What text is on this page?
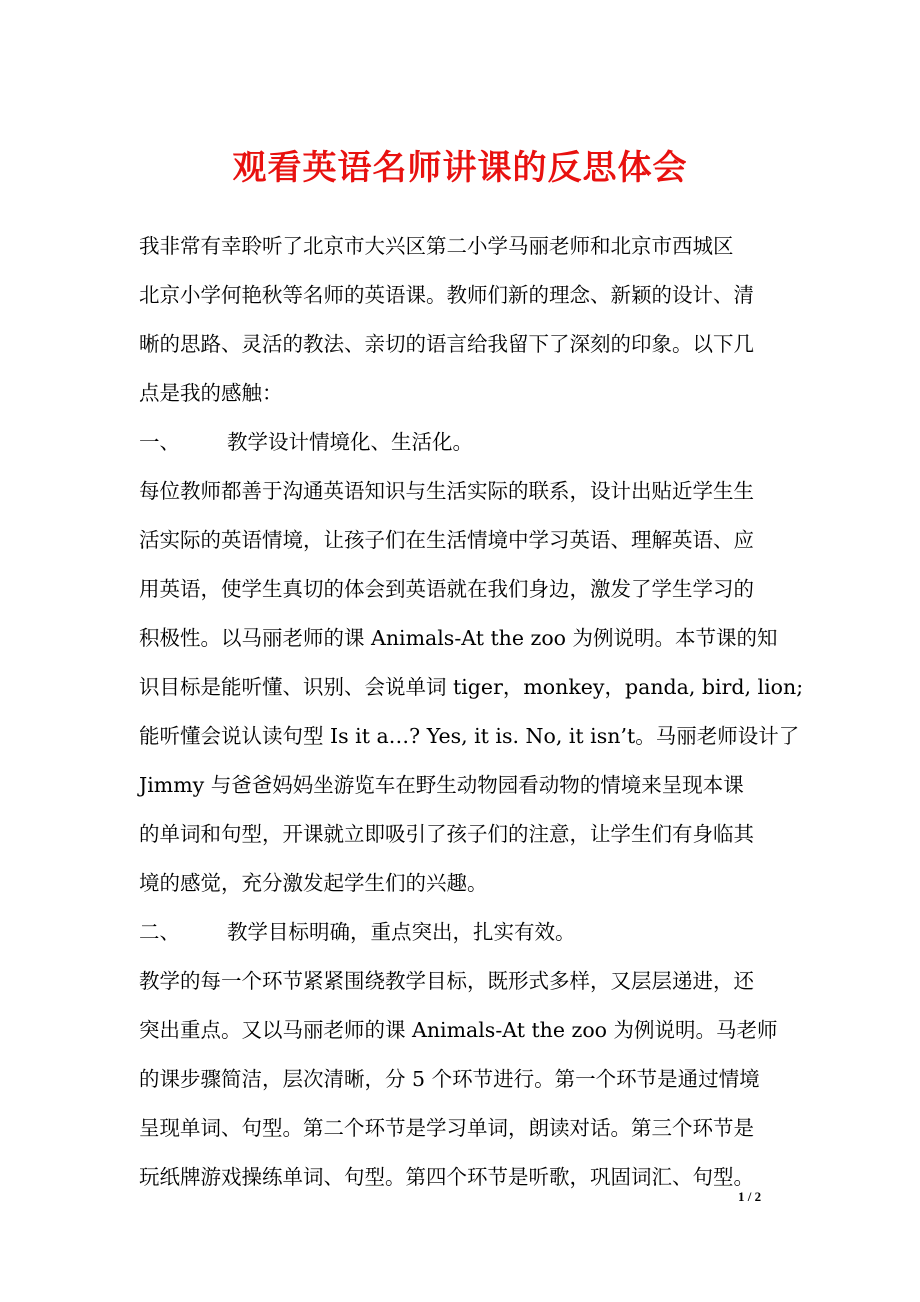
观看英语名师讲课的反思体会
我非常有幸聆听了北京市大兴区第二小学马丽老师和北京市西城区
北京小学何艳秋等名师的英语课。教师们新的理念、新颖的设计、清
晰的思路、灵活的教法、亲切的语言给我留下了深刻的印象。以下几
点是我的感触：
一、 教学设计情境化、生活化。
每位教师都善于沟通英语知识与生活实际的联系，设计出贴近学生生
活实际的英语情境，让孩子们在生活情境中学习英语、理解英语、应
用英语，使学生真切的体会到英语就在我们身边，激发了学生学习的
积极性。以马丽老师的课 Animals-At the zoo 为例说明。本节课的知
识目标是能听懂、识别、会说单词 tiger，monkey，panda, bird, lion;
能听懂会说认读句型 Is it a…? Yes, it is. No, it isn’t。马丽老师设计了
Jimmy 与爸爸妈妈坐游览车在野生动物园看动物的情境来呈现本课
的单词和句型，开课就立即吸引了孩子们的注意，让学生们有身临其
境的感觉，充分激发起学生们的兴趣。
二、 教学目标明确，重点突出，扎实有效。
教学的每一个环节紧紧围绕教学目标，既形式多样，又层层递进，还
突出重点。又以马丽老师的课 Animals-At the zoo 为例说明。马老师
的课步骤简洁，层次清晰，分 5 个环节进行。第一个环节是通过情境
呈现单词、句型。第二个环节是学习单词，朗读对话。第三个环节是
玩纸牌游戏操练单词、句型。第四个环节是听歌，巩固词汇、句型。
1 / 2
